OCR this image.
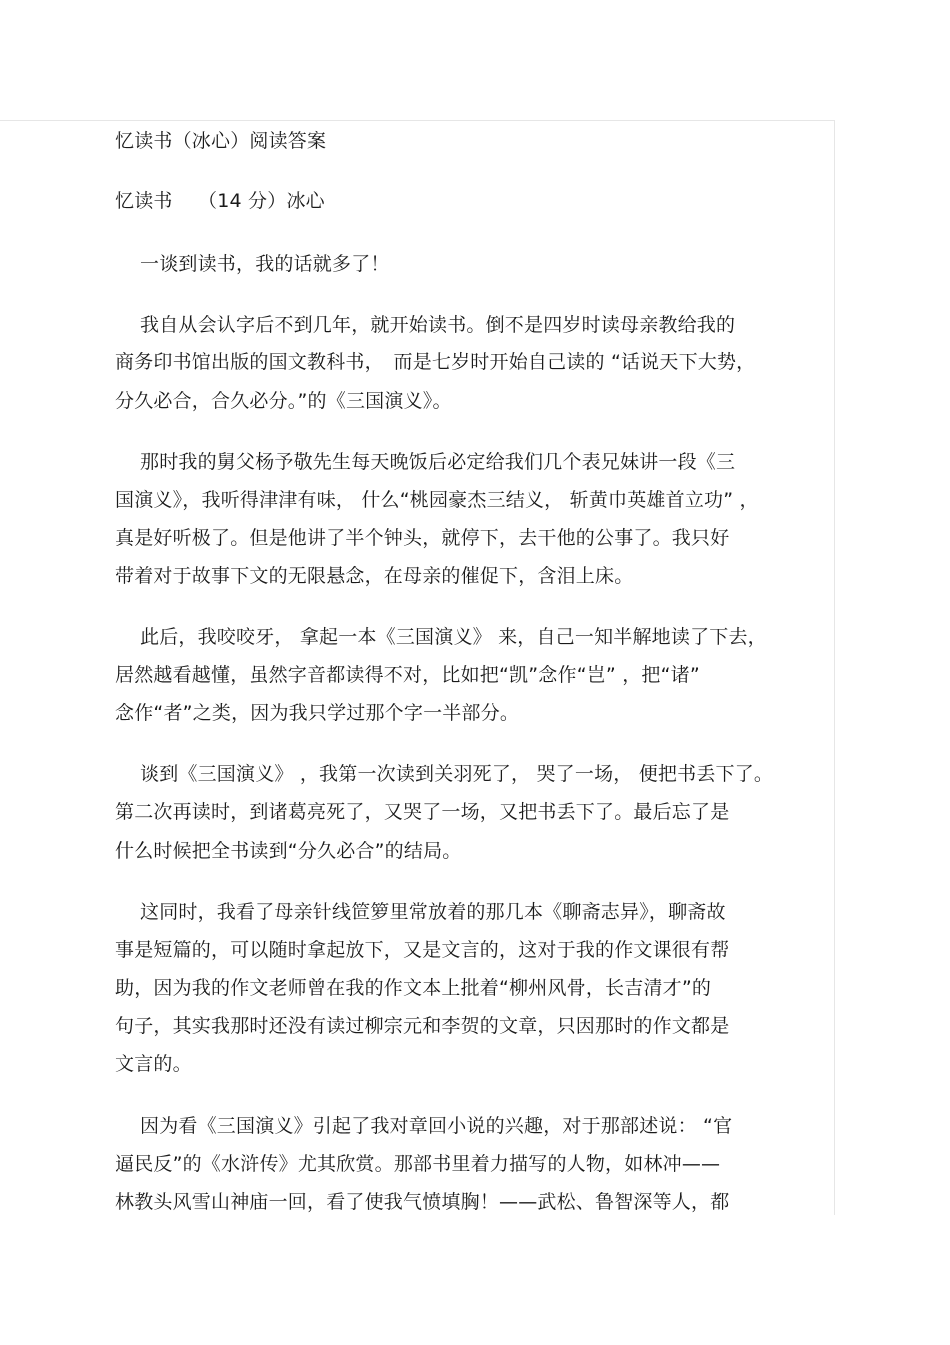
忆读书（冰心）阅读答案
忆读书　 （14 分）冰心
一谈到读书，我的话就多了！
我自从会认字后不到几年，就开始读书。倒不是四岁时读母亲教给我的
商务印书馆出版的国文教科书，　而是七岁时开始自己读的 “话说天下大势，
分久必合，合久必分。”的《三国演义》。
那时我的舅父杨予敬先生每天晚饭后必定给我们几个表兄妹讲一段《三
国演义》，我听得津津有味， 什么“桃园豪杰三结义， 斩黄巾英雄首立功” ，
真是好听极了。但是他讲了半个钟头，就停下，去干他的公事了。我只好
带着对于故事下文的无限悬念，在母亲的催促下，含泪上床。
此后，我咬咬牙， 拿起一本《三国演义》 来，自己一知半解地读了下去，
居然越看越懂，虽然字音都读得不对，比如把“凯”念作“岂” ，把“诸”
念作“者”之类，因为我只学过那个字一半部分。
谈到《三国演义》 ，我第一次读到关羽死了， 哭了一场， 便把书丢下了。
第二次再读时，到诸葛亮死了，又哭了一场，又把书丢下了。最后忘了是
什么时候把全书读到“分久必合”的结局。
这同时，我看了母亲针线笸箩里常放着的那几本《聊斋志异》，聊斋故
事是短篇的，可以随时拿起放下，又是文言的，这对于我的作文课很有帮
助，因为我的作文老师曾在我的作文本上批着“柳州风骨，长吉清才”的
句子，其实我那时还没有读过柳宗元和李贺的文章，只因那时的作文都是
文言的。
因为看《三国演义》引起了我对章回小说的兴趣，对于那部述说： “官
逼民反”的《水浒传》尤其欣赏。那部书里着力描写的人物，如林冲——
林教头风雪山神庙一回，看了使我气愤填胸！——武松、鲁智深等人，都
